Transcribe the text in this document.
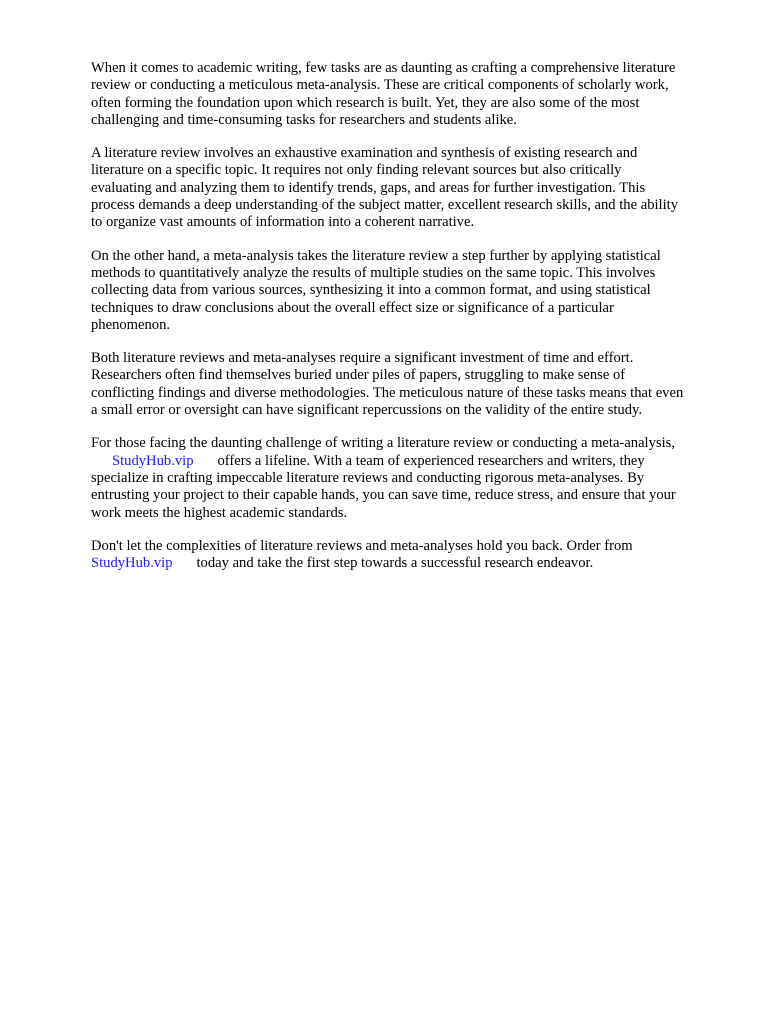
When it comes to academic writing, few tasks are as daunting as crafting a comprehensive literature
review or conducting a meticulous meta-analysis. These are critical components of scholarly work,
often forming the foundation upon which research is built. Yet, they are also some of the most
challenging and time-consuming tasks for researchers and students alike.

A literature review involves an exhaustive examination and synthesis of existing research and
literature on a specific topic. It requires not only finding relevant sources but also critically
evaluating and analyzing them to identify trends, gaps, and areas for further investigation. This
process demands a deep understanding of the subject matter, excellent research skills, and the ability
to organize vast amounts of information into a coherent narrative.

On the other hand, a meta-analysis takes the literature review a step further by applying statistical
methods to quantitatively analyze the results of multiple studies on the same topic. This involves
collecting data from various sources, synthesizing it into a common format, and using statistical
techniques to draw conclusions about the overall effect size or significance of a particular
phenomenon.

Both literature reviews and meta-analyses require a significant investment of time and effort.
Researchers often find themselves buried under piles of papers, struggling to make sense of
conflicting findings and diverse methodologies. The meticulous nature of these tasks means that even
a small error or oversight can have significant repercussions on the validity of the entire study.

For those facing the daunting challenge of writing a literature review or conducting a meta-analysis,
StudyHub.vip offers a lifeline. With a team of experienced researchers and writers, they
specialize in crafting impeccable literature reviews and conducting rigorous meta-analyses. By
entrusting your project to their capable hands, you can save time, reduce stress, and ensure that your
work meets the highest academic standards.

Don't let the complexities of literature reviews and meta-analyses hold you back. Order from
StudyHub.vip today and take the first step towards a successful research endeavor.
